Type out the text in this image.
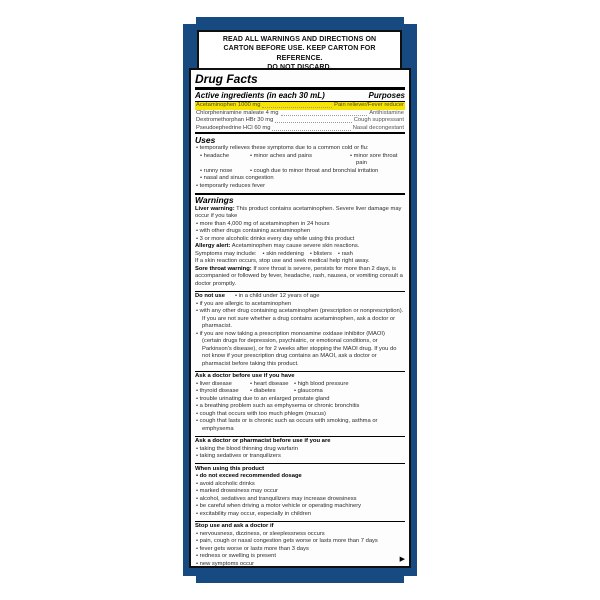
READ ALL WARNINGS AND DIRECTIONS ON
CARTON BEFORE USE. KEEP CARTON FOR REFERENCE.
Drug Facts
Active ingredients (in each 30 mL)	Purposes
Acetaminophen 1000 mg	Pain reliever/Fever reducer
Chlorpheniramine maleate 4 mg	Antihistamine
Dextromethorphan HBr 30 mg	Cough suppressant
Pseudoephedrine HCl 60 mg	Nasal decongestant
Uses
• temporarily relieves these symptoms due to a common cold or flu:
• headache	• minor aches and pains	• minor sore throat pain
• runny nose	• cough due to minor throat and bronchial irritation
• nasal and sinus congestion
• temporarily reduces fever
Warnings
Liver warning: This product contains acetaminophen. Severe liver damage may occur if you take
• more than 4,000 mg of acetaminophen in 24 hours
• with other drugs containing acetaminophen
• 3 or more alcoholic drinks every day while using this product
Allergy alert: Acetaminophen may cause severe skin reactions.
Symptoms may include: • skin reddening • blisters • rash
If a skin reaction occurs, stop use and seek medical help right away.
Sore throat warning: If sore throat is severe, persists for more than 2 days, is accompanied or followed by fever, headache, rash, nausea, or vomiting consult a doctor promptly.
Do not use • in a child under 12 years of age
• if you are allergic to acetaminophen
• with any other drug containing acetaminophen (prescription or nonprescription). If you are not sure whether a drug contains acetaminophen, ask a doctor or pharmacist.
• if you are now taking a prescription monoamine oxidase inhibitor (MAOI) (certain drugs for depression, psychiatric, or emotional conditions, or Parkinson's disease), or for 2 weeks after stopping the MAOI drug. If you do not know if your prescription drug contains an MAOI, ask a doctor or pharmacist before taking this product.
Ask a doctor before use if you have
• liver disease	• heart disease	• high blood pressure
• thyroid disease	• diabetes	• glaucoma
• trouble urinating due to an enlarged prostate gland
• a breathing problem such as emphysema or chronic bronchitis
• cough that occurs with too much phlegm (mucus)
• cough that lasts or is chronic such as occurs with smoking, asthma or emphysema
Ask a doctor or pharmacist before use if you are
• taking the blood thinning drug warfarin
• taking sedatives or tranquilizers
When using this product
• do not exceed recommended dosage
• avoid alcoholic drinks
• marked drowsiness may occur
• alcohol, sedatives and tranquilizers may increase drowsiness
• be careful when driving a motor vehicle or operating machinery
• excitability may occur, especially in children
Stop use and ask a doctor if
• nervousness, dizziness, or sleeplessness occurs
• pain, cough or nasal congestion gets worse or lasts more than 7 days
• fever gets worse or lasts more than 3 days
• redness or swelling is present
• new symptoms occur
▶
